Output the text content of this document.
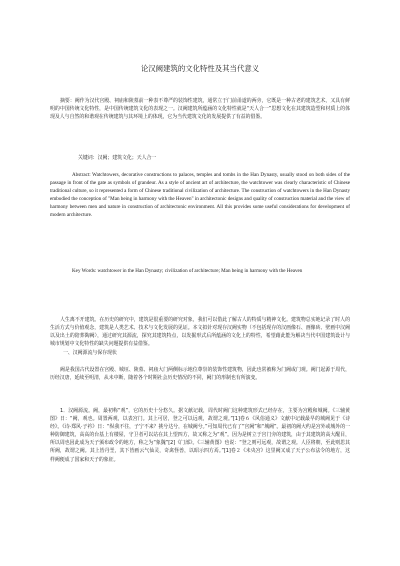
论汉阙建筑的文化特性及其当代意义
摘要：阙作为汉代宫殿、祠庙和陵墓前一种表不尊严的装饰性建筑，通常立于门前甬道的两旁，它既是一种古老的建筑艺术，又具有鲜明的中国传统文化特性，是中国传统建筑文化的表现之一。汉阙建筑所蕴涵的文化特性就是“天人合一”思想文化在其建筑造型和材质上的体现及人与自然的和谐观在传统建筑与其环境上的体现，它为当代建筑文化的发展提供了有益的借鉴。
关键词：汉阙；建筑文化；天人合一
Abstract: Watchtowers, decorative constructions to palaces, temples and tombs in the Han Dynasty, usually stood on both sides of the passage in front of the gate as symbols of grandeur. As a style of ancient art of architecture, the watchtower was clearly characteristic of Chinese traditional culture, so it represented a form of Chinese traditional civilization of architecture. The construction of watchtowers in the Han Dynasty embodied the conception of "Man being in harmony with the Heaven" in architectonic designs and quality of construction material and the view of harmony between men and nature in construction of architectonic environment. All this provides some useful considerations for development of modern architecture.
Key Words: watchtower in the Han Dynasty; civilization of architecture; Man being in harmony with the Heaven
人生离不开建筑。在历史的研究中，建筑是很重要的研究对象，我们可以借此了解古人的特质与精神文化。建筑物总实地记录了时人的生活方式与价值观念，建筑是人类艺术、技术与文化发展的见证。本文拟针对现存汉阙实物（不包括现存的汉画像石、画像砖、壁画中汉阙以及出土的陪葬陶阙），通过研究其源流，探究其建筑特点，以发掘形式后所蕴涵的文化上的特性，希望藉此能为解决当代中国建筑设计与城市规划中文化特性的缺失问题提供有益借鉴。
一、汉阙源流与保存现状
阙是我国古代设置在宫殿、城垣、陵墓、祠庙大门两侧标示地位尊崇的装饰性建筑物，因此也常被称为门阙或门观。阙门起源于周代，历经汉唐，延续至明清，从未中断，随着各个时期社会历史情况的不同，阙门的形制也有所演变。
1．汉阙源流。阙，最初称“观”，它的历史十分悠久。据文献记载，周代时阙门这种建筑形式已经存在，主要为宫殿和城阙。《三辅黄图》日：“阙，观也。周置两观，以表宫门。其上可居，登之可以远观，故谓之观。”[1]卷６《风俗通义》文献中记载最早的城阙见于《诗经》。《诗·郑风·子衿》日：“纵我不往，子宁不来？挑兮达兮，在城阙兮。”可知周代已有了“宫阙”和“城阙”。最初的阙大约是宫外或城外的一种防御建筑，高高的台基上有楼屋，守卫者可以站在其上望四方，故又称之为“观”。因为是树立于宫门旁的建筑，由于其建筑的高大醒目，所以周也因此成为天子颁布政令的地方，称之为“象魏”[2]《门部》。《三辅黄图》也说：“登之则可远观，故谓之观。人臣将朝，至此则思其所阙，故谓之阙。其上皆丹垩，其下皆画云气仙灵，奇禽怪兽，以昭示四方焉。”[1]卷２《未央宫》这里阙又成了天子公布法令的地方，这样阙便成了国家和天子的象征。
